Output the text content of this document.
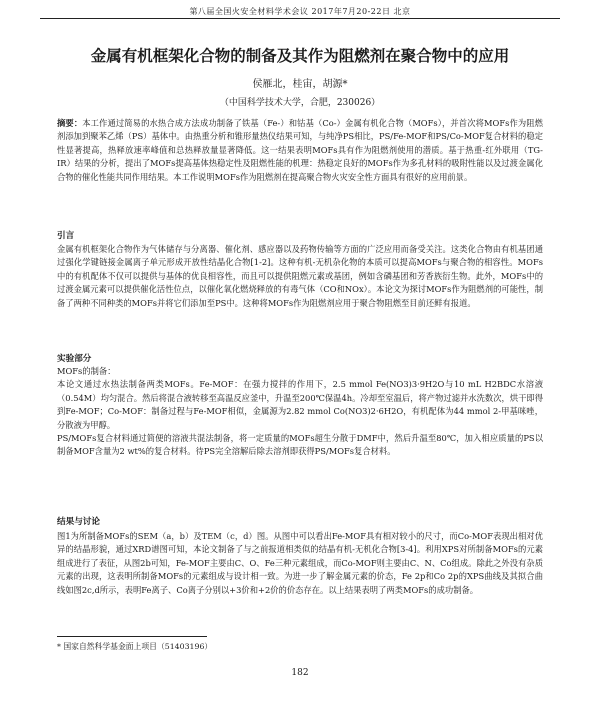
第八届全国火安全材料学术会议 2017年7月20-22日 北京
金属有机框架化合物的制备及其作为阻燃剂在聚合物中的应用
侯雁北，桂宙，胡源*
（中国科学技术大学，合肥，230026）
摘要：本工作通过简易的水热合成方法成功制备了铁基（Fe-）和钴基（Co-）金属有机化合物（MOFs），并首次将MOFs作为阻燃剂添加到聚苯乙烯（PS）基体中。由热重分析和锥形量热仪结果可知，与纯净PS相比，PS/Fe-MOF和PS/Co-MOF复合材料的稳定性显著提高，热释放速率峰值和总热释放量显著降低。这一结果表明MOFs具有作为阻燃剂使用的潜质。基于热重-红外联用（TG-IR）结果的分析，提出了MOFs提高基体热稳定性及阻燃性能的机理：热稳定良好的MOFs作为多孔材料的吸附性能以及过渡金属化合物的催化性能共同作用结果。本工作说明MOFs作为阻燃剂在提高聚合物火灾安全性方面具有很好的应用前景。
引言

金属有机框架化合物作为气体储存与分离器、催化剂、感应器以及药物传输等方面的广泛应用而备受关注。这类化合物由有机基团通过强化学键链接金属离子单元形成开放性结晶化合物[1-2]。这种有机-无机杂化物的本质可以提高MOFs与聚合物的相容性。MOFs中的有机配体不仅可以提供与基体的优良相容性，而且可以提供阻燃元素或基团，例如含磷基团和芳香族衍生物。此外，MOFs中的过渡金属元素可以提供催化活性位点，以催化氧化燃烧释放的有毒气体（CO和NOx）。本论文为探讨MOFs作为阻燃剂的可能性，制备了两种不同种类的MOFs并将它们添加至PS中。这种将MOFs作为阻燃剂应用于聚合物阻燃至目前还鲜有报道。

实验部分

MOFs的制备：

本论文通过水热法制备两类MOFs。Fe-MOF：在强力搅拌的作用下，2.5 mmol Fe(NO3)3·9H2O与10 mL H2BDC水溶液（0.54M）均匀混合。然后将混合液转移至高温反应釜中，升温至200℃保温4h。冷却至室温后，将产物过滤并水洗数次，烘干即得到Fe-MOF；Co-MOF：制备过程与Fe-MOF相似，金属源为2.82 mmol Co(NO3)2·6H2O，有机配体为44 mmol 2-甲基咪唑，分散液为甲醇。

PS/MOFs复合材料通过简便的溶液共混法制备，将一定质量的MOFs超生分散于DMF中，然后升温至80℃，加入相应质量的PS以制备MOF含量为2 wt%的复合材料。待PS完全溶解后除去溶剂即获得PS/MOFs复合材料。

结果与讨论

图1为所制备MOFs的SEM（a，b）及TEM（c，d）图。从图中可以看出Fe-MOF具有相对较小的尺寸，而Co-MOF表现出相对优异的结晶形貌，通过XRD谱图可知，本论文制备了与之前报道相类似的结晶有机-无机化合物[3-4]。利用XPS对所制备MOFs的元素组成进行了表征，从图2b可知，Fe-MOF主要由C、O、Fe三种元素组成，而Co-MOF则主要由C、N、Co组成。除此之外没有杂质元素的出现，这表明所制备MOFs的元素组成与设计相一致。为进一步了解金属元素的价态，Fe 2p和Co 2p的XPS曲线及其拟合曲线如图2c,d所示，表明Fe离子、Co离子分别以+3价和+2价的价态存在。以上结果表明了两类MOFs的成功制备。

* 国家自然科学基金面上项目（51403196）
182
